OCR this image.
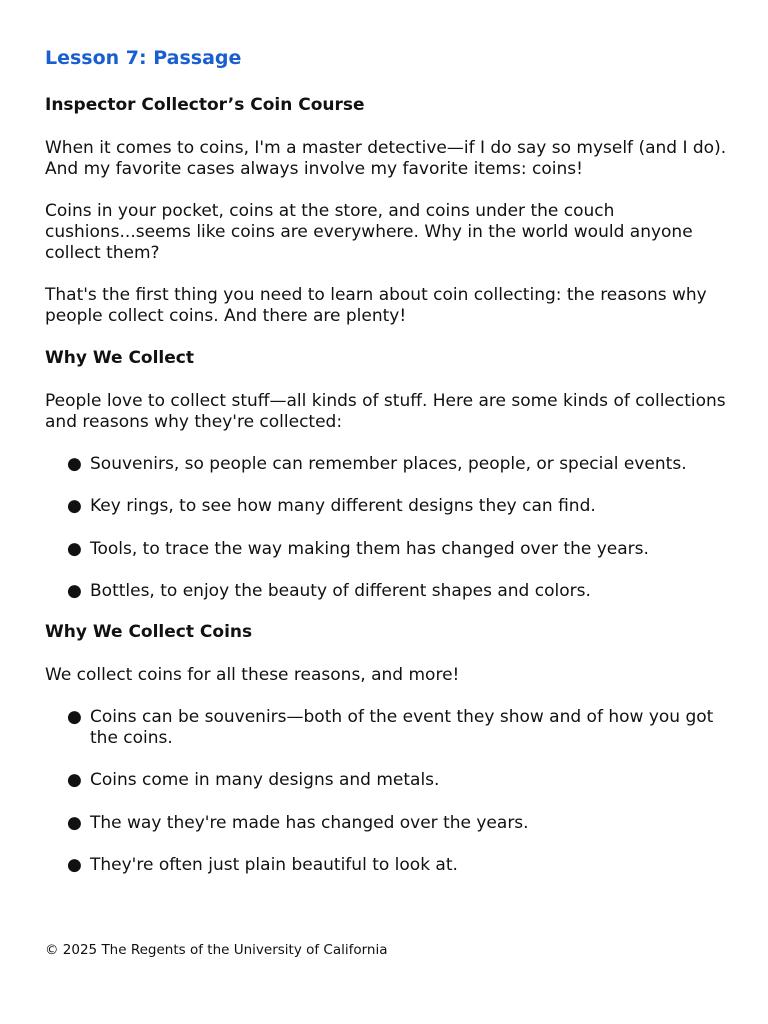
Lesson 7: Passage
Inspector Collector’s Coin Course
When it comes to coins, I'm a master detective—if I do say so myself (and I do). And my favorite cases always involve my favorite items: coins!
Coins in your pocket, coins at the store, and coins under the couch cushions...seems like coins are everywhere. Why in the world would anyone collect them?
That's the first thing you need to learn about coin collecting: the reasons why people collect coins. And there are plenty!
Why We Collect
People love to collect stuff—all kinds of stuff. Here are some kinds of collections and reasons why they're collected:
● Souvenirs, so people can remember places, people, or special events.
● Key rings, to see how many different designs they can find.
● Tools, to trace the way making them has changed over the years.
● Bottles, to enjoy the beauty of different shapes and colors.
Why We Collect Coins
We collect coins for all these reasons, and more!
● Coins can be souvenirs—both of the event they show and of how you got the coins.
● Coins come in many designs and metals.
● The way they're made has changed over the years.
● They're often just plain beautiful to look at.
© 2025 The Regents of the University of California
